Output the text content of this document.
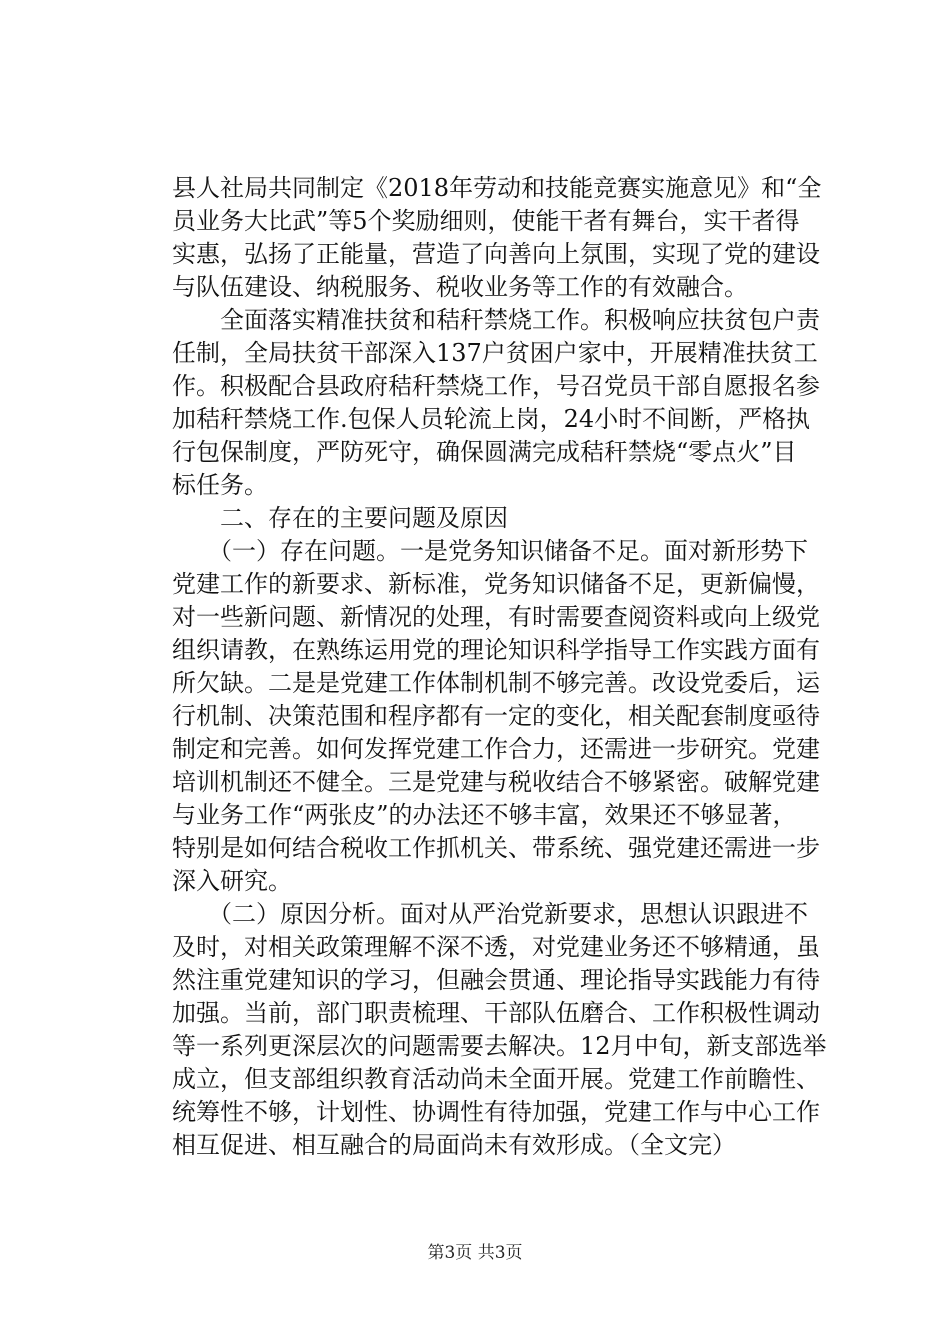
县人社局共同制定《2018年劳动和技能竞赛实施意见》和“全
员业务大比武”等5个奖励细则，使能干者有舞台，实干者得
实惠，弘扬了正能量，营造了向善向上氛围，实现了党的建设
与队伍建设、纳税服务、税收业务等工作的有效融合。
　　全面落实精准扶贫和秸秆禁烧工作。积极响应扶贫包户责
任制，全局扶贫干部深入137户贫困户家中，开展精准扶贫工
作。积极配合县政府秸秆禁烧工作，号召党员干部自愿报名参
加秸秆禁烧工作.包保人员轮流上岗，24小时不间断，严格执
行包保制度，严防死守，确保圆满完成秸秆禁烧“零点火”目
标任务。
　　二、存在的主要问题及原因
　　（一）存在问题。一是党务知识储备不足。面对新形势下
党建工作的新要求、新标准，党务知识储备不足，更新偏慢，
对一些新问题、新情况的处理，有时需要查阅资料或向上级党
组织请教，在熟练运用党的理论知识科学指导工作实践方面有
所欠缺。二是是党建工作体制机制不够完善。改设党委后，运
行机制、决策范围和程序都有一定的变化，相关配套制度亟待
制定和完善。如何发挥党建工作合力，还需进一步研究。党建
培训机制还不健全。三是党建与税收结合不够紧密。破解党建
与业务工作“两张皮”的办法还不够丰富，效果还不够显著，
特别是如何结合税收工作抓机关、带系统、强党建还需进一步
深入研究。
　　（二）原因分析。面对从严治党新要求，思想认识跟进不
及时，对相关政策理解不深不透，对党建业务还不够精通，虽
然注重党建知识的学习，但融会贯通、理论指导实践能力有待
加强。当前，部门职责梳理、干部队伍磨合、工作积极性调动
等一系列更深层次的问题需要去解决。12月中旬，新支部选举
成立，但支部组织教育活动尚未全面开展。党建工作前瞻性、
统筹性不够，计划性、协调性有待加强，党建工作与中心工作
相互促进、相互融合的局面尚未有效形成。（全文完）
第3页 共3页
